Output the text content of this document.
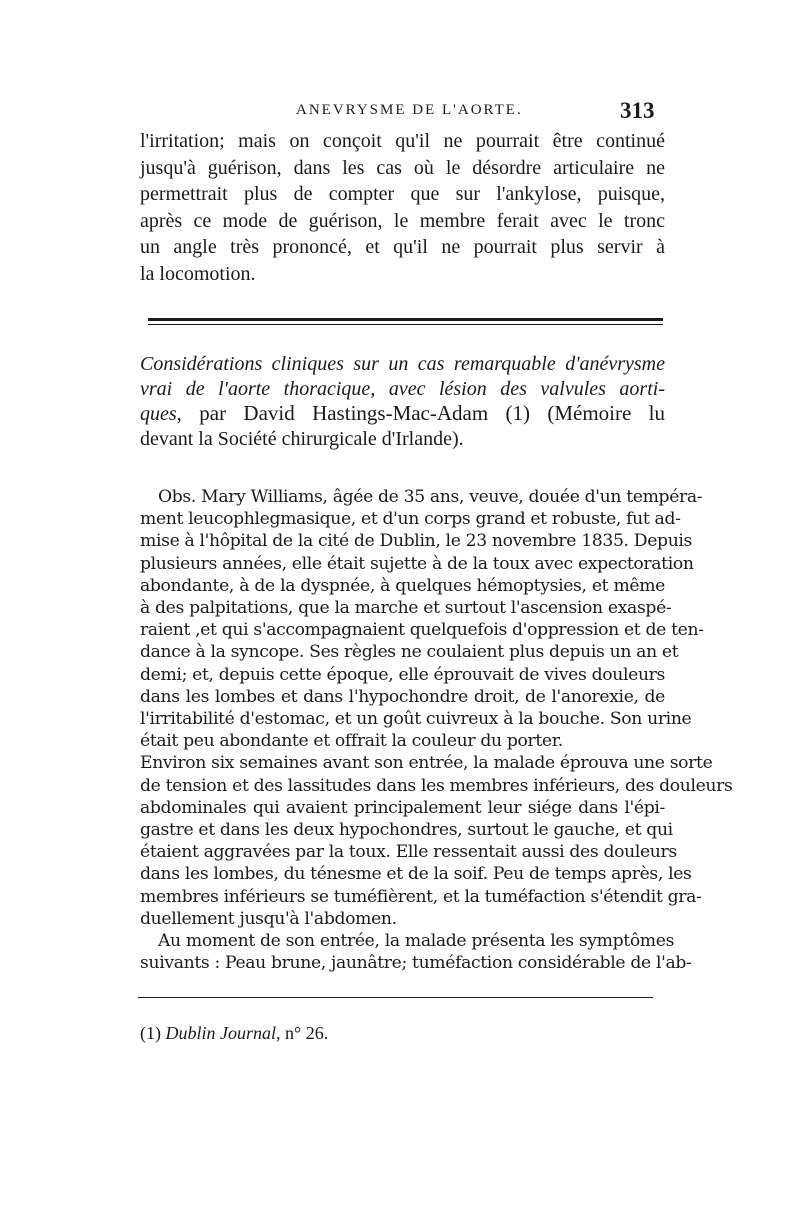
ANEVRYSME DE L'AORTE.	313
l'irritation; mais on conçoit qu'il ne pourrait être continué
jusqu'à guérison, dans les cas où le désordre articulaire ne
permettrait plus de compter que sur l'ankylose, puisque,
après ce mode de guérison, le membre ferait avec le tronc
un angle très prononcé, et qu'il ne pourrait plus servir à
la locomotion.
Considérations cliniques sur un cas remarquable d'anévrysme
vrai de l'aorte thoracique, avec lésion des valvules aorti-
ques, par David Hastings-Mac-Adam (1) (Mémoire lu
devant la Société chirurgicale d'Irlande).
Obs. Mary Williams, âgée de 35 ans, veuve, douée d'un tempéra-
ment leucophlegmasique, et d'un corps grand et robuste, fut ad-
mise à l'hôpital de la cité de Dublin, le 23 novembre 1835. Depuis
plusieurs années, elle était sujette à de la toux avec expectoration
abondante, à de la dyspnée, à quelques hémoptysies, et même
à des palpitations, que la marche et surtout l'ascension exaspé-
raient ,et qui s'accompagnaient quelquefois d'oppression et de ten-
dance à la syncope. Ses règles ne coulaient plus depuis un an et
demi; et, depuis cette époque, elle éprouvait de vives douleurs
dans les lombes et dans l'hypochondre droit, de l'anorexie, de
l'irritabilité d'estomac, et un goût cuivreux à la bouche. Son urine
était peu abondante et offrait la couleur du porter.
Environ six semaines avant son entrée, la malade éprouva une sorte
de tension et des lassitudes dans les membres inférieurs, des douleurs
abdominales qui avaient principalement leur siége dans l'épi-
gastre et dans les deux hypochondres, surtout le gauche, et qui
étaient aggravées par la toux. Elle ressentait aussi des douleurs
dans les lombes, du ténesme et de la soif. Peu de temps après, les
membres inférieurs se tuméfièrent, et la tuméfaction s'étendit gra-
duellement jusqu'à l'abdomen.
Au moment de son entrée, la malade présenta les symptômes
suivants : Peau brune, jaunâtre; tuméfaction considérable de l'ab-
(1) Dublin Journal, n° 26.
